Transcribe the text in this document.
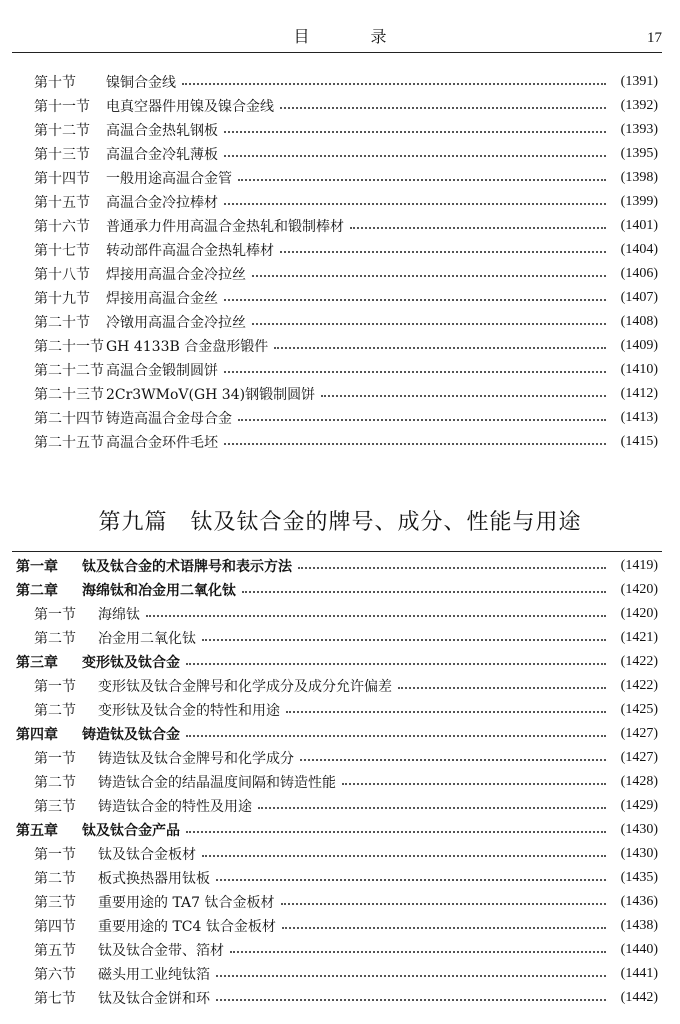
目 录	17
第十节	镍铜合金线	(1391)
第十一节	电真空器件用镍及镍合金线	(1392)
第十二节	高温合金热轧钢板	(1393)
第十三节	高温合金冷轧薄板	(1395)
第十四节	一般用途高温合金管	(1398)
第十五节	高温合金冷拉棒材	(1399)
第十六节	普通承力件用高温合金热轧和锻制棒材	(1401)
第十七节	转动部件高温合金热轧棒材	(1404)
第十八节	焊接用高温合金冷拉丝	(1406)
第十九节	焊接用高温合金丝	(1407)
第二十节	冷镦用高温合金冷拉丝	(1408)
第二十一节 GH 4133B 合金盘形锻件	(1409)
第二十二节 高温合金锻制圆饼	(1410)
第二十三节 2Cr3WMoV(GH 34)钢锻制圆饼	(1412)
第二十四节 铸造高温合金母合金	(1413)
第二十五节 高温合金环件毛坯	(1415)
第九篇　钛及钛合金的牌号、成分、性能与用途
第一章	钛及钛合金的术语牌号和表示方法	(1419)
第二章	海绵钛和冶金用二氧化钛	(1420)
第一节	海绵钛	(1420)
第二节	冶金用二氧化钛	(1421)
第三章	变形钛及钛合金	(1422)
第一节	变形钛及钛合金牌号和化学成分及成分允许偏差	(1422)
第二节	变形钛及钛合金的特性和用途	(1425)
第四章	铸造钛及钛合金	(1427)
第一节	铸造钛及钛合金牌号和化学成分	(1427)
第二节	铸造钛合金的结晶温度间隔和铸造性能	(1428)
第三节	铸造钛合金的特性及用途	(1429)
第五章	钛及钛合金产品	(1430)
第一节	钛及钛合金板材	(1430)
第二节	板式换热器用钛板	(1435)
第三节	重要用途的 TA7 钛合金板材	(1436)
第四节	重要用途的 TC4 钛合金板材	(1438)
第五节	钛及钛合金带、箔材	(1440)
第六节	磁头用工业纯钛箔	(1441)
第七节	钛及钛合金饼和环	(1442)
